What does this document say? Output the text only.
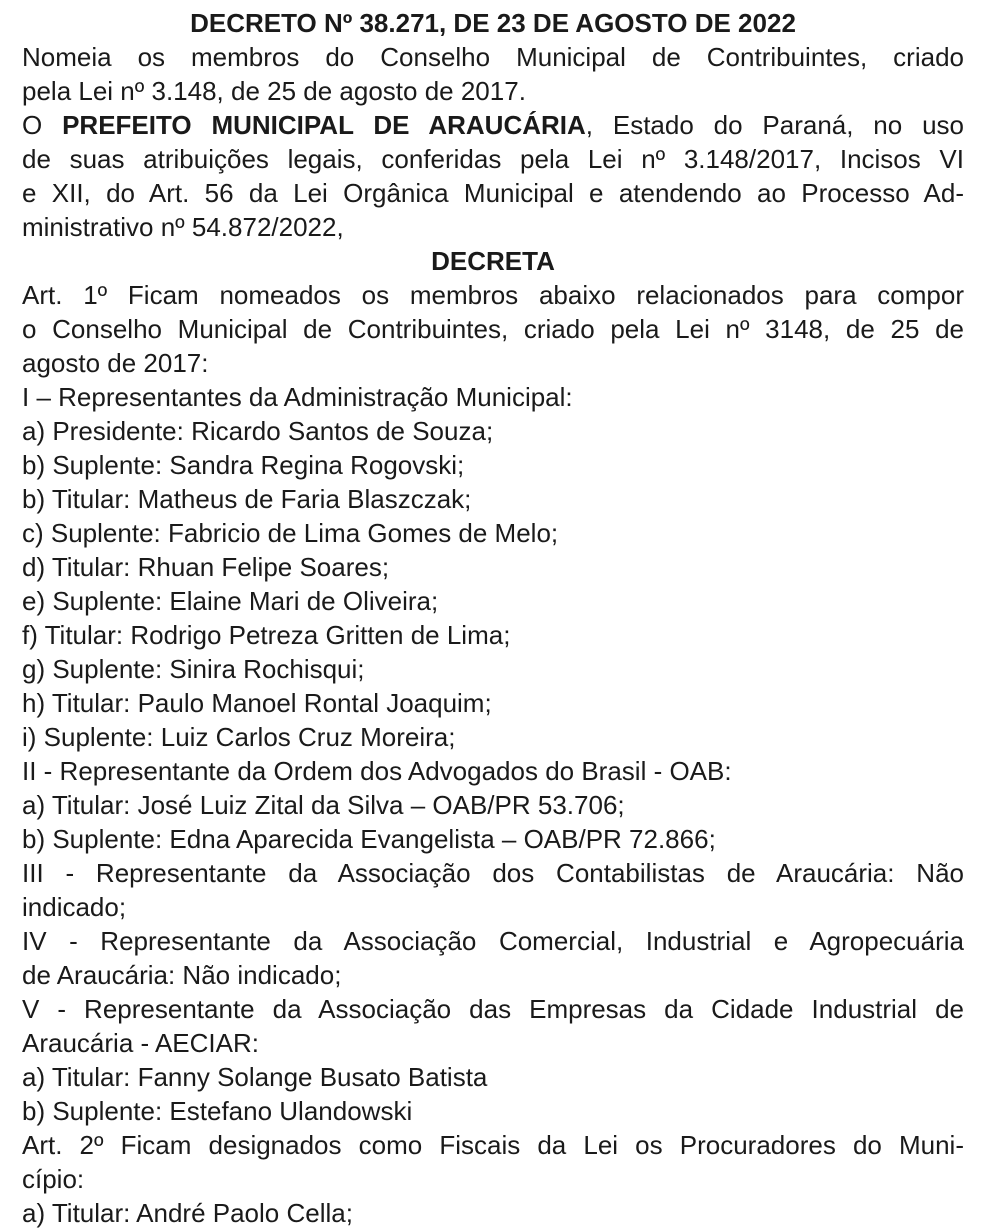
DECRETO Nº 38.271, DE 23 DE AGOSTO DE 2022
Nomeia os membros do Conselho Municipal de Contribuintes, criado
pela Lei nº 3.148, de 25 de agosto de 2017.
O PREFEITO MUNICIPAL DE ARAUCÁRIA, Estado do Paraná, no uso
de suas atribuições legais, conferidas pela Lei nº 3.148/2017, Incisos VI
e XII, do Art. 56 da Lei Orgânica Municipal e atendendo ao Processo Ad-
ministrativo nº 54.872/2022,
DECRETA
Art. 1º Ficam nomeados os membros abaixo relacionados para compor
o Conselho Municipal de Contribuintes, criado pela Lei nº 3148, de 25 de
agosto de 2017:
I – Representantes da Administração Municipal:
a) Presidente: Ricardo Santos de Souza;
b) Suplente: Sandra Regina Rogovski;
b) Titular: Matheus de Faria Blaszczak;
c) Suplente: Fabricio de Lima Gomes de Melo;
d) Titular: Rhuan Felipe Soares;
e) Suplente: Elaine Mari de Oliveira;
f) Titular: Rodrigo Petreza Gritten de Lima;
g) Suplente: Sinira Rochisqui;
h) Titular: Paulo Manoel Rontal Joaquim;
i) Suplente: Luiz Carlos Cruz Moreira;
II - Representante da Ordem dos Advogados do Brasil - OAB:
a) Titular: José Luiz Zital da Silva – OAB/PR 53.706;
b) Suplente: Edna Aparecida Evangelista – OAB/PR 72.866;
III - Representante da Associação dos Contabilistas de Araucária: Não
indicado;
IV - Representante da Associação Comercial, Industrial e Agropecuária
de Araucária: Não indicado;
V - Representante da Associação das Empresas da Cidade Industrial de
Araucária - AECIAR:
a) Titular: Fanny Solange Busato Batista
b) Suplente: Estefano Ulandowski
Art. 2º Ficam designados como Fiscais da Lei os Procuradores do Muni-
cípio:
a) Titular: André Paolo Cella;
